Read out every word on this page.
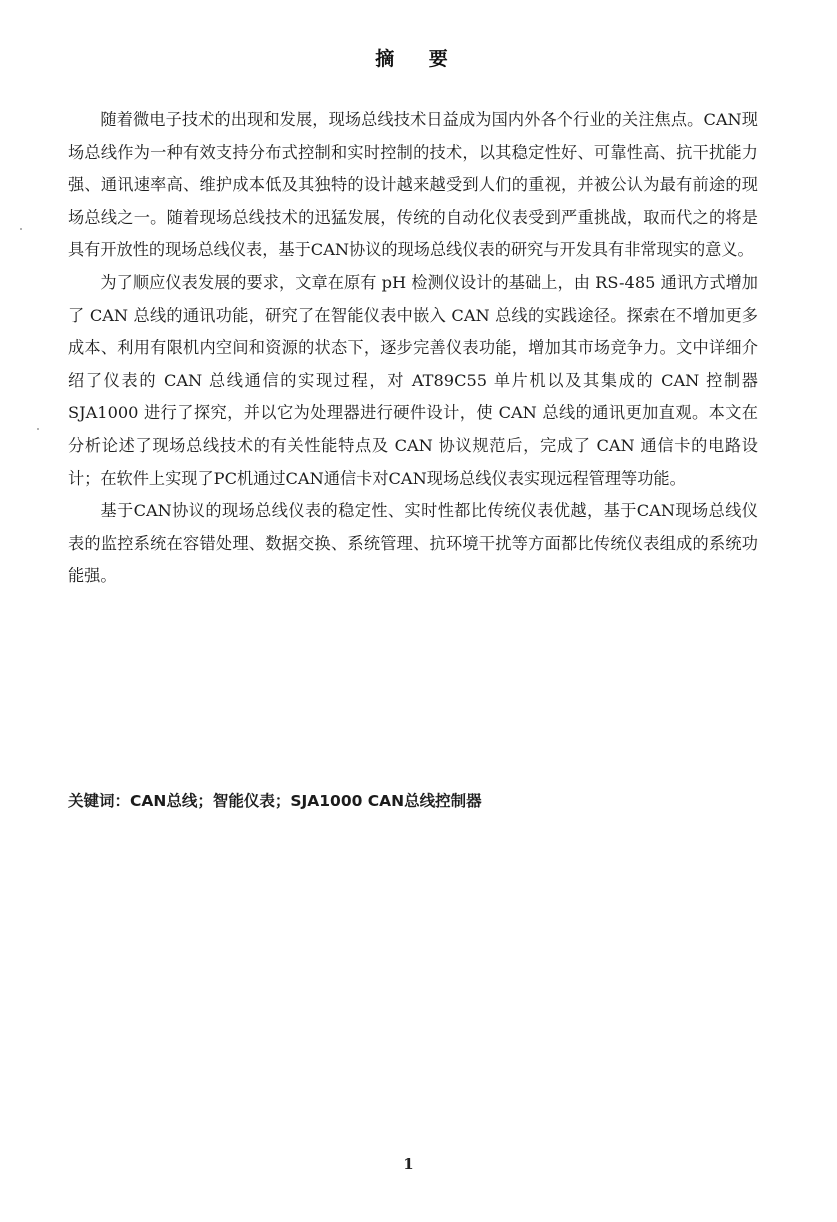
摘 要

随着微电子技术的出现和发展，现场总线技术日益成为国内外各个行业的关注焦点。CAN现场总线作为一种有效支持分布式控制和实时控制的技术，以其稳定性好、可靠性高、抗干扰能力强、通讯速率高、维护成本低及其独特的设计越来越受到人们的重视，并被公认为最有前途的现场总线之一。随着现场总线技术的迅猛发展，传统的自动化仪表受到严重挑战，取而代之的将是具有开放性的现场总线仪表，基于CAN协议的现场总线仪表的研究与开发具有非常现实的意义。

为了顺应仪表发展的要求，文章在原有 pH 检测仪设计的基础上，由 RS-485 通讯方式增加了 CAN 总线的通讯功能，研究了在智能仪表中嵌入 CAN 总线的实践途径。探索在不增加更多成本、利用有限机内空间和资源的状态下，逐步完善仪表功能，增加其市场竞争力。文中详细介绍了仪表的 CAN 总线通信的实现过程，对 AT89C55 单片机以及其集成的 CAN 控制器 SJA1000 进行了探究，并以它为处理器进行硬件设计，使 CAN 总线的通讯更加直观。本文在分析论述了现场总线技术的有关性能特点及 CAN 协议规范后，完成了 CAN 通信卡的电路设计；在软件上实现了PC机通过CAN通信卡对CAN现场总线仪表实现远程管理等功能。

基于CAN协议的现场总线仪表的稳定性、实时性都比传统仪表优越，基于CAN现场总线仪表的监控系统在容错处理、数据交换、系统管理、抗环境干扰等方面都比传统仪表组成的系统功能强。

关键词：CAN总线；智能仪表；SJA1000 CAN总线控制器
1
